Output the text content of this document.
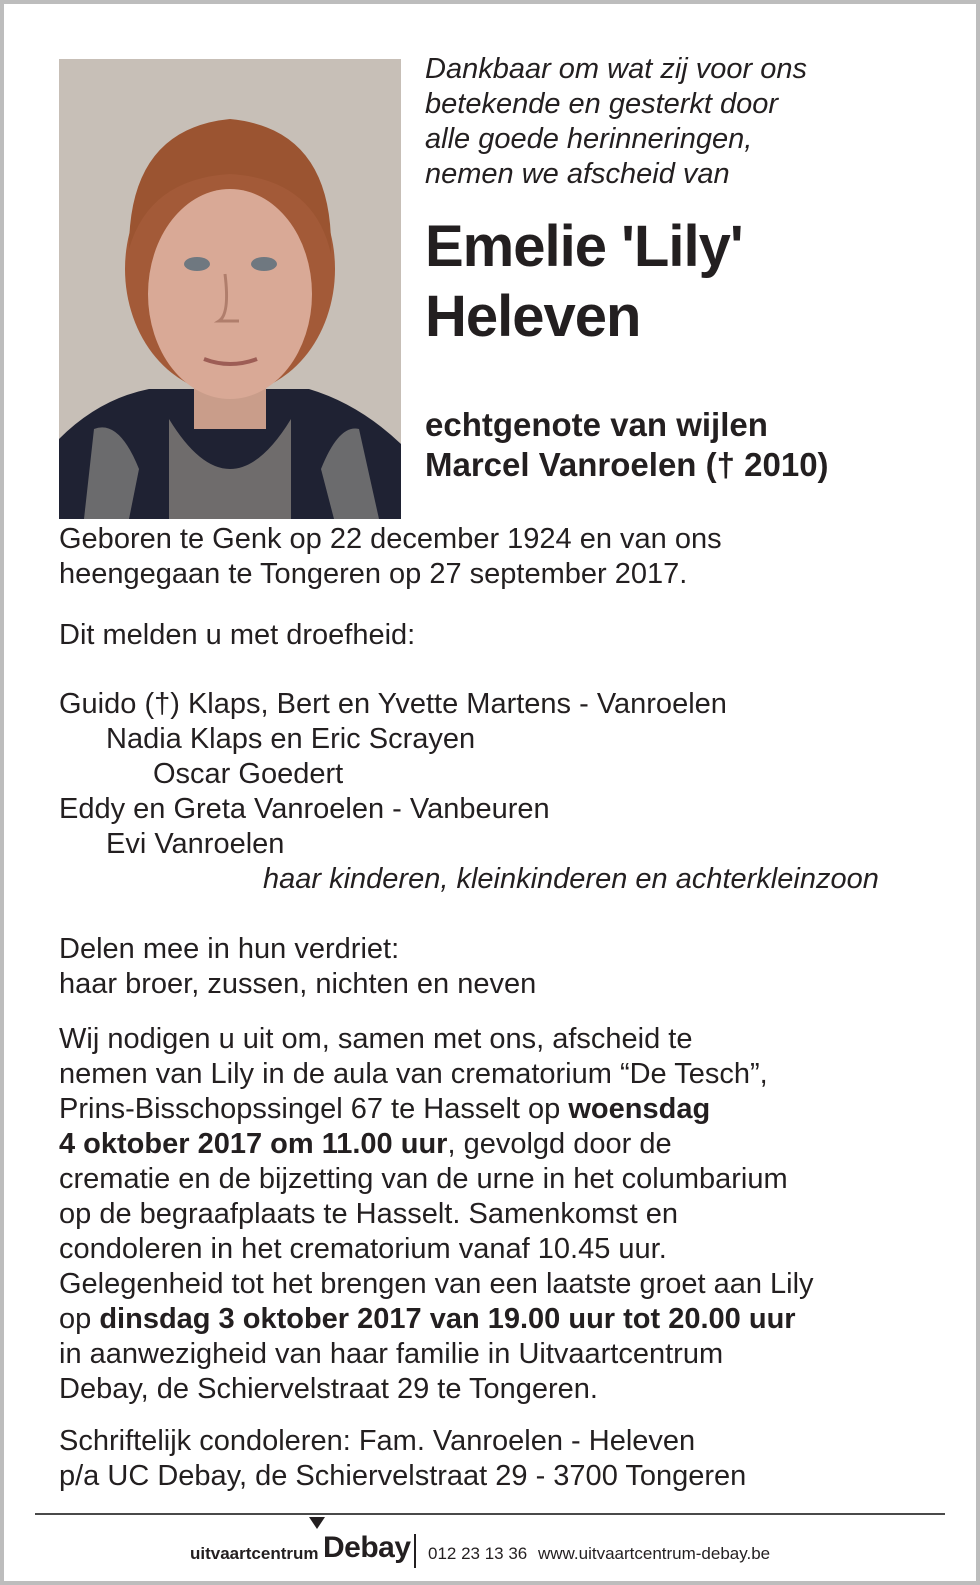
Dankbaar om wat zij voor ons
betekende en gesterkt door
alle goede herinneringen,
nemen we afscheid van
Emelie 'Lily'
Heleven
echtgenote van wijlen
Marcel Vanroelen († 2010)
Geboren te Genk op 22 december 1924 en van ons
heengegaan te Tongeren op 27 september 2017.
Dit melden u met droefheid:
Guido (†) Klaps, Bert en Yvette Martens - Vanroelen
Nadia Klaps en Eric Scrayen
Oscar Goedert
Eddy en Greta Vanroelen - Vanbeuren
Evi Vanroelen
haar kinderen, kleinkinderen en achterkleinzoon
Delen mee in hun verdriet:
haar broer, zussen, nichten en neven
Wij nodigen u uit om, samen met ons, afscheid te
nemen van Lily in de aula van crematorium “De Tesch”,
Prins-Bisschopssingel 67 te Hasselt op woensdag
4 oktober 2017 om 11.00 uur, gevolgd door de
crematie en de bijzetting van de urne in het columbarium
op de begraafplaats te Hasselt. Samenkomst en
condoleren in het crematorium vanaf 10.45 uur.
Gelegenheid tot het brengen van een laatste groet aan Lily
op dinsdag 3 oktober 2017 van 19.00 uur tot 20.00 uur
in aanwezigheid van haar familie in Uitvaartcentrum
Debay, de Schiervelstraat 29 te Tongeren.
Schriftelijk condoleren: Fam. Vanroelen - Heleven
p/a UC Debay, de Schiervelstraat 29 - 3700 Tongeren
uitvaartcentrum Debay 012 23 13 36 www.uitvaartcentrum-debay.be
